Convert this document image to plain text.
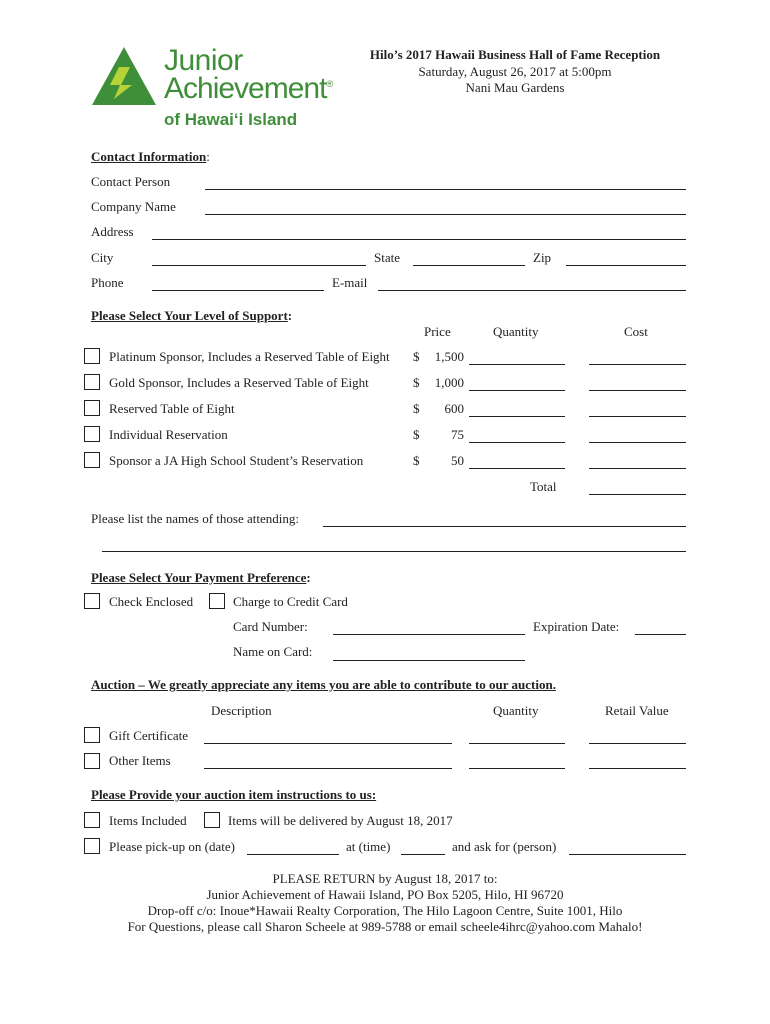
Junior
Achievement®
of Hawai‘i Island
Hilo’s 2017 Hawaii Business Hall of Fame Reception
Saturday, August 26, 2017 at 5:00pm
Nani Mau Gardens
Contact Information:
Contact Person
Company Name
Address
City	State	Zip
Phone	E-mail
Please Select Your Level of Support:
Price	Quantity	Cost
Platinum Sponsor, Includes a Reserved Table of Eight $ 1,500
Gold Sponsor, Includes a Reserved Table of Eight	$ 1,000
Reserved Table of Eight	$ 600
Individual Reservation	$ 75
Sponsor a JA High School Student’s Reservation	$ 50
Total
Please list the names of those attending:
Please Select Your Payment Preference:
Check Enclosed	Charge to Credit Card
Card Number:	Expiration Date:
Name on Card:
Auction – We greatly appreciate any items you are able to contribute to our auction.
Description	Quantity	Retail Value
Gift Certificate
Other Items
Please Provide your auction item instructions to us:
Items Included	Items will be delivered by August 18, 2017
Please pick-up on (date)	at (time)	and ask for (person)
PLEASE RETURN by August 18, 2017 to:
Junior Achievement of Hawaii Island, PO Box 5205, Hilo, HI 96720
Drop-off c/o: Inoue*Hawaii Realty Corporation, The Hilo Lagoon Centre, Suite 1001, Hilo
For Questions, please call Sharon Scheele at 989-5788 or email scheele4ihrc@yahoo.com Mahalo!
